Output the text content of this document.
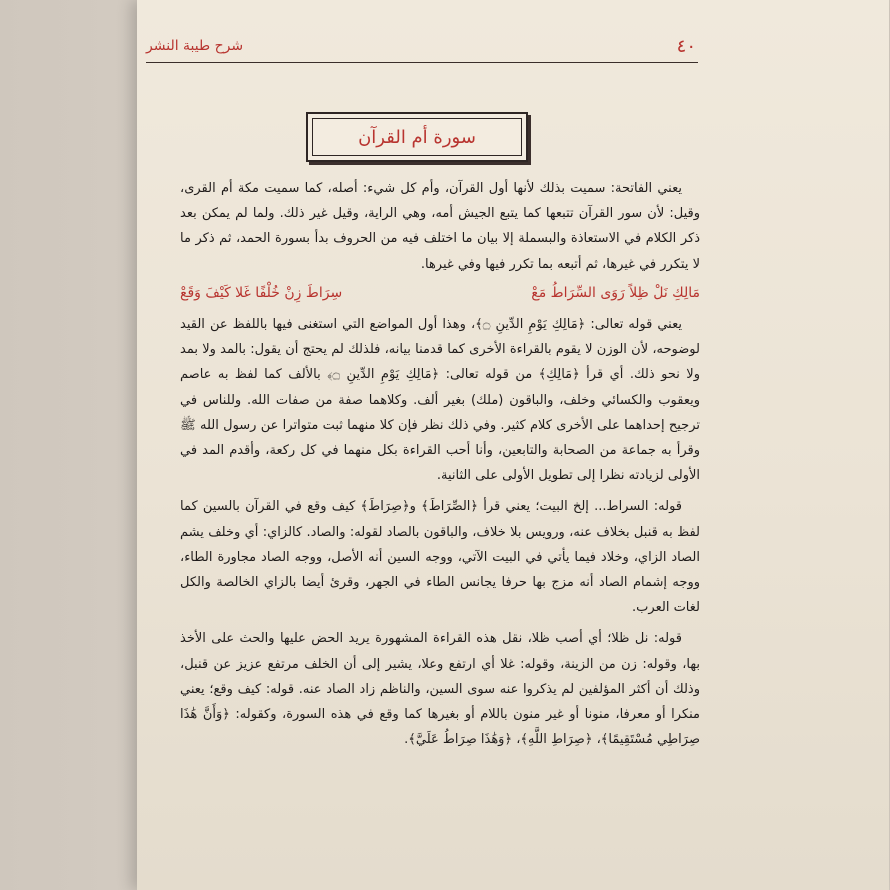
٤٠
شرح طيبة النشر
سورة أم القرآن

يعني الفاتحة: سميت بذلك لأنها أول القرآن، وأم كل شيء: أصله، كما سميت مكة أم القرى، وقيل: لأن سور القرآن تتبعها كما يتبع الجيش أمه، وهي الراية، وقيل غير ذلك. ولما لم يمكن بعد ذكر الكلام في الاستعاذة والبسملة إلا بيان ما اختلف فيه من الحروف بدأ بسورة الحمد، ثم ذكر ما لا يتكرر في غيرها، ثم أتبعه بما تكرر فيها وفي غيرها.

مَالِكِ نَلْ ظِلاً رَوَى السِّرَاطُ مَعْ
سِرَاطَ زِنْ خُلْفًا غَلا كَيْفَ وَقَعْ

يعني قوله تعالى: ﴿مَالِكِ يَوْمِ الدِّينِ ۝﴾، وهذا أول المواضع التي استغنى فيها باللفظ عن القيد لوضوحه، لأن الوزن لا يقوم بالقراءة الأخرى كما قدمنا بيانه، فلذلك لم يحتج أن يقول: بالمد ولا بمد ولا نحو ذلك. أي قرأ ﴿مَالِكِ﴾ من قوله تعالى: ﴿مَالِكِ يَوْمِ الدِّينِ ۝﴾ بالألف كما لفظ به عاصم ويعقوب والكسائي وخلف، والباقون (ملك) بغير ألف. وكلاهما صفة من صفات الله. وللناس في ترجيح إحداهما على الأخرى كلام كثير. وفي ذلك نظر فإن كلا منهما ثبت متواترا عن رسول الله ﷺ وقرأ به جماعة من الصحابة والتابعين، وأنا أحب القراءة بكل منهما في كل ركعة، وأقدم المد في الأولى لزيادته نظرا إلى تطويل الأولى على الثانية.

قوله: السراط... إلخ البيت؛ يعني قرأ ﴿الصِّرَاطَ﴾ و﴿صِرَاطَ﴾ كيف وقع في القرآن بالسين كما لفظ به قنبل بخلاف عنه، ورويس بلا خلاف، والباقون بالصاد لقوله: والصاد. كالزاي: أي وخلف يشم الصاد الزاي، وخلاد فيما يأتي في البيت الآتي، ووجه السين أنه الأصل، ووجه الصاد مجاورة الطاء، ووجه إشمام الصاد أنه مزج بها حرفا يجانس الطاء في الجهر، وقرئ أيضا بالزاي الخالصة والكل لغات العرب.

قوله: نل ظلا؛ أي أصب ظلا، نقل هذه القراءة المشهورة يريد الحض عليها والحث على الأخذ بها، وقوله: زن من الزينة، وقوله: غلا أي ارتفع وعلا، يشير إلى أن الخلف مرتفع عزيز عن قنبل، وذلك أن أكثر المؤلفين لم يذكروا عنه سوى السين، والناظم زاد الصاد عنه. قوله: كيف وقع؛ يعني منكرا أو معرفا، منونا أو غير منون باللام أو بغيرها كما وقع في هذه السورة، وكقوله: ﴿وَأَنَّ هَٰذَا صِرَاطِي مُسْتَقِيمًا﴾، ﴿صِرَاطِ اللَّهِ﴾، ﴿وَهَٰذَا صِرَاطُ عَلَيَّ﴾.
